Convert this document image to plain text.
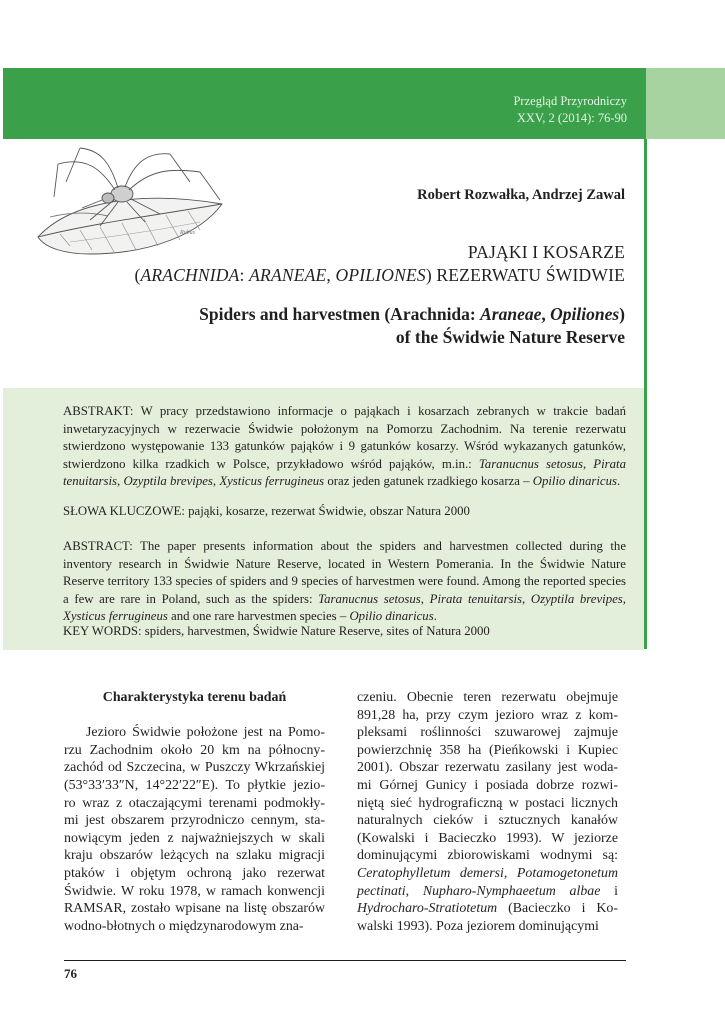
Przegląd Przyrodniczy
XXV, 2 (2014): 76-90
Rubus
Robert Rozwałka, Andrzej Zawal
PAJĄKI I KOSARZE
(ARACHNIDA: ARANEAE, OPILIONES) REZERWATU ŚWIDWIE
Spiders and harvestmen (Arachnida: Araneae, Opiliones)
of the Świdwie Nature Reserve

ABSTRAKT: W pracy przedstawiono informacje o pająkach i kosarzach zebranych w trakcie badań inwetaryzacyjnych w rezerwacie Świdwie położonym na Pomorzu Zachodnim. Na terenie rezerwatu stwierdzono występowanie 133 gatunków pająków i 9 gatunków kosarzy. Wśród wykazanych gatunków, stwierdzono kilka rzadkich w Polsce, przykładowo wśród pająków, m.in.: Taranucnus setosus, Pirata tenuitarsis, Ozyptila brevipes, Xysticus ferrugineus oraz jeden gatunek rzadkiego kosarza – Opilio dinaricus.

SŁOWA KLUCZOWE: pająki, kosarze, rezerwat Świdwie, obszar Natura 2000

ABSTRACT: The paper presents information about the spiders and harvestmen collected during the inventory research in Świdwie Nature Reserve, located in Western Pomerania. In the Świdwie Nature Reserve territory 133 species of spiders and 9 species of harvestmen were found. Among the reported species a few are rare in Poland, such as the spiders: Taranucnus setosus, Pirata tenuitarsis, Ozyptila brevipes, Xysticus ferrugineus and one rare harvestmen species – Opilio dinaricus.

KEY WORDS: spiders, harvestmen, Świdwie Nature Reserve, sites of Natura 2000

Charakterystyka terenu badań
Jezioro Świdwie położone jest na Pomo-
rzu Zachodnim około 20 km na północny-
zachód od Szczecina, w Puszczy Wkrzańskiej
(53°33′33″N, 14°22′22″E). To płytkie jezio-
ro wraz z otaczającymi terenami podmokły-
mi jest obszarem przyrodniczo cennym, sta-
nowiącym jeden z najważniejszych w skali
kraju obszarów leżących na szlaku migracji
ptaków i objętym ochroną jako rezerwat
Świdwie. W roku 1978, w ramach konwencji
RAMSAR, zostało wpisane na listę obszarów
wodno-błotnych o międzynarodowym zna-
czeniu. Obecnie teren rezerwatu obejmuje
891,28 ha, przy czym jezioro wraz z kom-
pleksami roślinności szuwarowej zajmuje
powierzchnię 358 ha (Pieńkowski i Kupiec
2001). Obszar rezerwatu zasilany jest woda-
mi Górnej Gunicy i posiada dobrze rozwi-
niętą sieć hydrograficzną w postaci licznych
naturalnych cieków i sztucznych kanałów
(Kowalski i Bacieczko 1993). W jeziorze
dominującymi zbiorowiskami wodnymi są:
Ceratophylletum demersi, Potamogetonetum
pectinati, Nupharo-Nymphaeetum albae i
Hydrocharo-Stratiotetum (Bacieczko i Ko-
walski 1993). Poza jeziorem dominującymi
76
